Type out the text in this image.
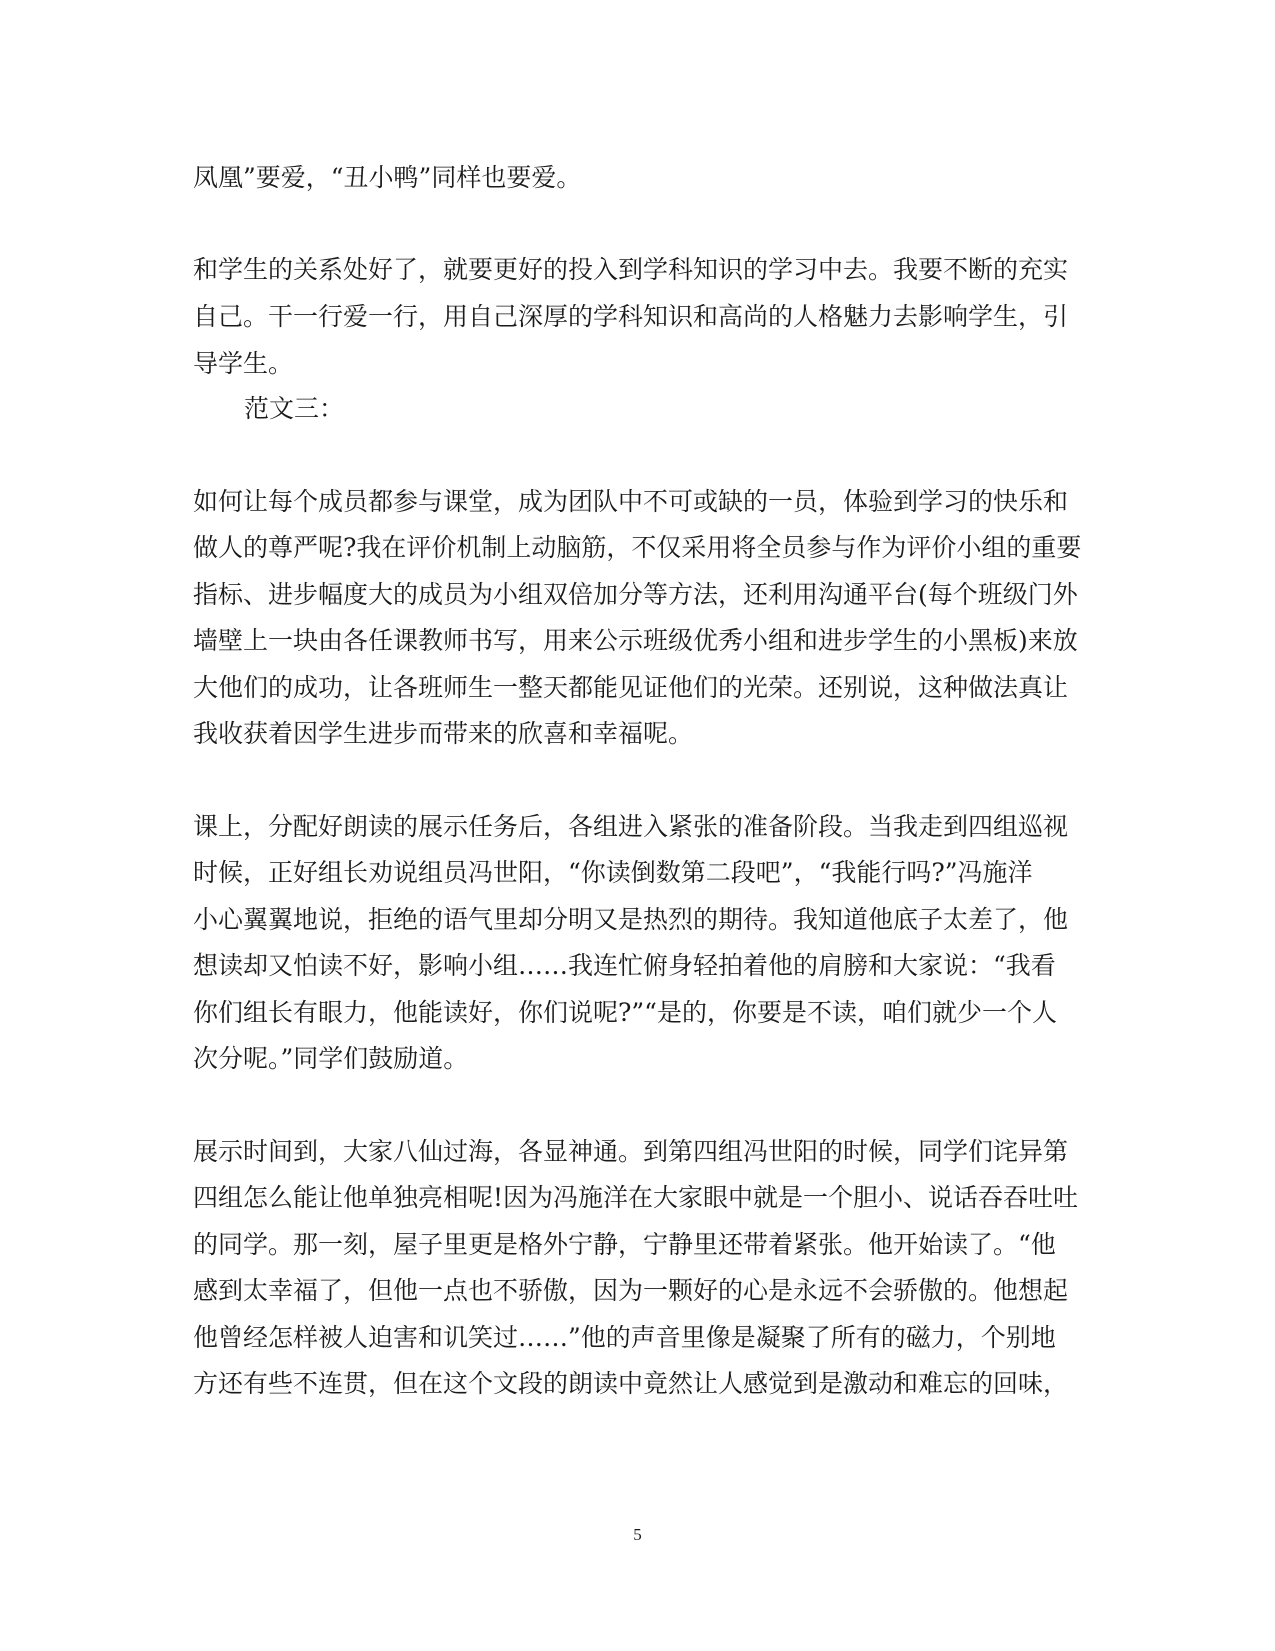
凤凰”要爱，“丑小鸭”同样也要爱。
和学生的关系处好了，就要更好的投入到学科知识的学习中去。我要不断的充实
自己。干一行爱一行，用自己深厚的学科知识和高尚的人格魅力去影响学生，引
导学生。
范文三：
如何让每个成员都参与课堂，成为团队中不可或缺的一员，体验到学习的快乐和
做人的尊严呢?我在评价机制上动脑筋，不仅采用将全员参与作为评价小组的重要
指标、进步幅度大的成员为小组双倍加分等方法，还利用沟通平台(每个班级门外
墙壁上一块由各任课教师书写，用来公示班级优秀小组和进步学生的小黑板)来放
大他们的成功，让各班师生一整天都能见证他们的光荣。还别说，这种做法真让
我收获着因学生进步而带来的欣喜和幸福呢。
课上，分配好朗读的展示任务后，各组进入紧张的准备阶段。当我走到四组巡视
时候，正好组长劝说组员冯世阳，“你读倒数第二段吧”，“我能行吗?”冯施洋
小心翼翼地说，拒绝的语气里却分明又是热烈的期待。我知道他底子太差了，他
想读却又怕读不好，影响小组……我连忙俯身轻拍着他的肩膀和大家说：“我看
你们组长有眼力，他能读好，你们说呢?”“是的，你要是不读，咱们就少一个人
次分呢。”同学们鼓励道。
展示时间到，大家八仙过海，各显神通。到第四组冯世阳的时候，同学们诧异第
四组怎么能让他单独亮相呢!因为冯施洋在大家眼中就是一个胆小、说话吞吞吐吐
的同学。那一刻，屋子里更是格外宁静，宁静里还带着紧张。他开始读了。“他
感到太幸福了，但他一点也不骄傲，因为一颗好的心是永远不会骄傲的。他想起
他曾经怎样被人迫害和讥笑过……”他的声音里像是凝聚了所有的磁力，个别地
方还有些不连贯，但在这个文段的朗读中竟然让人感觉到是激动和难忘的回味，
5
